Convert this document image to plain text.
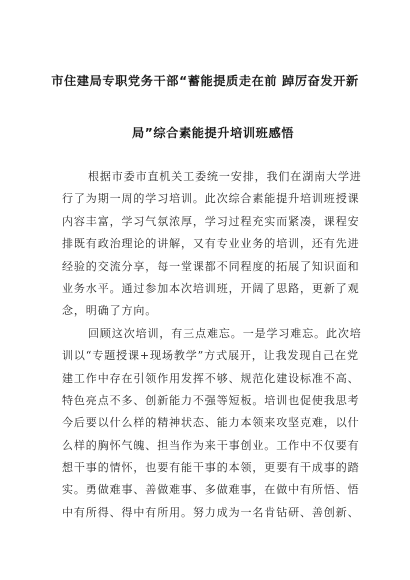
市住建局专职党务干部“蓄能提质走在前 踔厉奋发开新
局”综合素能提升培训班感悟
根据市委市直机关工委统一安排，我们在湖南大学进
行了为期一周的学习培训。此次综合素能提升培训班授课
内容丰富，学习气氛浓厚，学习过程充实而紧凑，课程安
排既有政治理论的讲解，又有专业业务的培训，还有先进
经验的交流分享，每一堂课都不同程度的拓展了知识面和
业务水平。通过参加本次培训班，开阔了思路，更新了观
念，明确了方向。
回顾这次培训，有三点难忘。一是学习难忘。此次培
训以“专题授课+现场教学”方式展开，让我发现自己在党
建工作中存在引领作用发挥不够、规范化建设标准不高、
特色亮点不多、创新能力不强等短板。培训也促使我思考
今后要以什么样的精神状态、能力本领来攻坚克难，以什
么样的胸怀气魄、担当作为来干事创业。工作中不仅要有
想干事的情怀，也要有能干事的本领，更要有干成事的踏
实。勇做难事、善做难事、多做难事，在做中有所悟、悟
中有所得、得中有所用。努力成为一名肯钻研、善创新、
